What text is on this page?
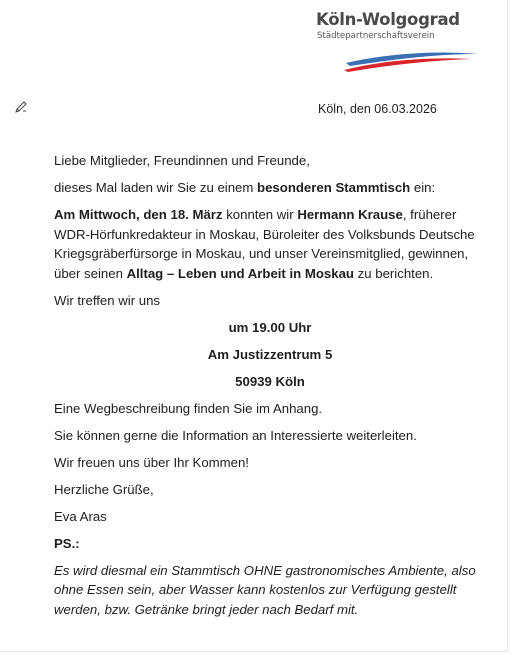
Köln-Wolgograd
Städtepartnerschaftsverein
Köln, den 06.03.2026

Liebe Mitglieder, Freundinnen und Freunde,

dieses Mal laden wir Sie zu einem besonderen Stammtisch ein:

Am Mittwoch, den 18. März konnten wir Hermann Krause, früherer WDR-Hörfunkredakteur in Moskau, Büroleiter des Volksbunds Deutsche Kriegsgräberfürsorge in Moskau, und unser Vereinsmitglied, gewinnen, über seinen Alltag – Leben und Arbeit in Moskau zu berichten.

Wir treffen wir uns

um 19.00 Uhr

Am Justizzentrum 5

50939 Köln

Eine Wegbeschreibung finden Sie im Anhang.

Sie können gerne die Information an Interessierte weiterleiten.

Wir freuen uns über Ihr Kommen!

Herzliche Grüße,

Eva Aras

PS.:

Es wird diesmal ein Stammtisch OHNE gastronomisches Ambiente, also ohne Essen sein, aber Wasser kann kostenlos zur Verfügung gestellt werden, bzw. Getränke bringt jeder nach Bedarf mit.
